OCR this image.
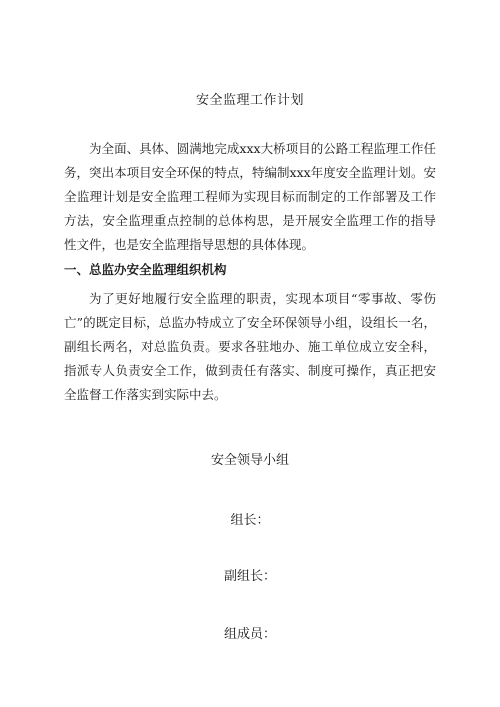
安全监理工作计划

为全面、具体、圆满地完成xxx大桥项目的公路工程监理工作任务，突出本项目安全环保的特点，特编制xxx年度安全监理计划。安全监理计划是安全监理工程师为实现目标而制定的工作部署及工作方法，安全监理重点控制的总体构思，是开展安全监理工作的指导性文件，也是安全监理指导思想的具体体现。

一、总监办安全监理组织机构

为了更好地履行安全监理的职责，实现本项目“零事故、零伤亡”的既定目标，总监办特成立了安全环保领导小组，设组长一名，副组长两名，对总监负责。要求各驻地办、施工单位成立安全科，指派专人负责安全工作，做到责任有落实、制度可操作，真正把安全监督工作落实到实际中去。

安全领导小组
组长：
副组长：
组成员：
